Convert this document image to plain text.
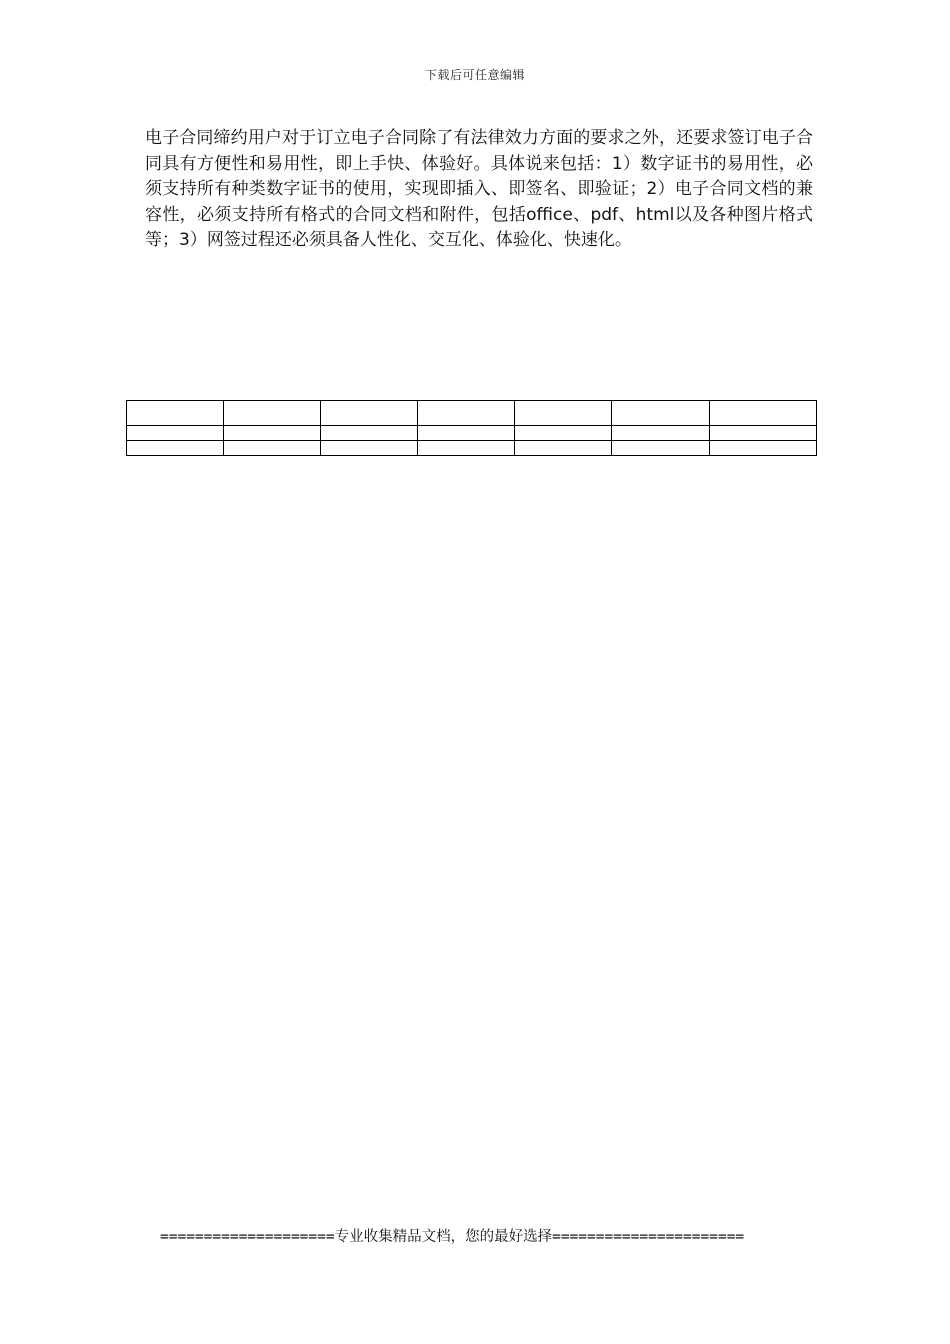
下载后可任意编辑

电子合同缔约用户对于订立电子合同除了有法律效力方面的要求之外，还要求签订电子合同具有方便性和易用性，即上手快、体验好。具体说来包括：1）数字证书的易用性，必须支持所有种类数字证书的使用，实现即插入、即签名、即验证；2）电子合同文档的兼容性，必须支持所有格式的合同文档和附件，包括office、pdf、html以及各种图片格式等；3）网签过程还必须具备人性化、交互化、体验化、快速化。

====================专业收集精品文档，您的最好选择======================
